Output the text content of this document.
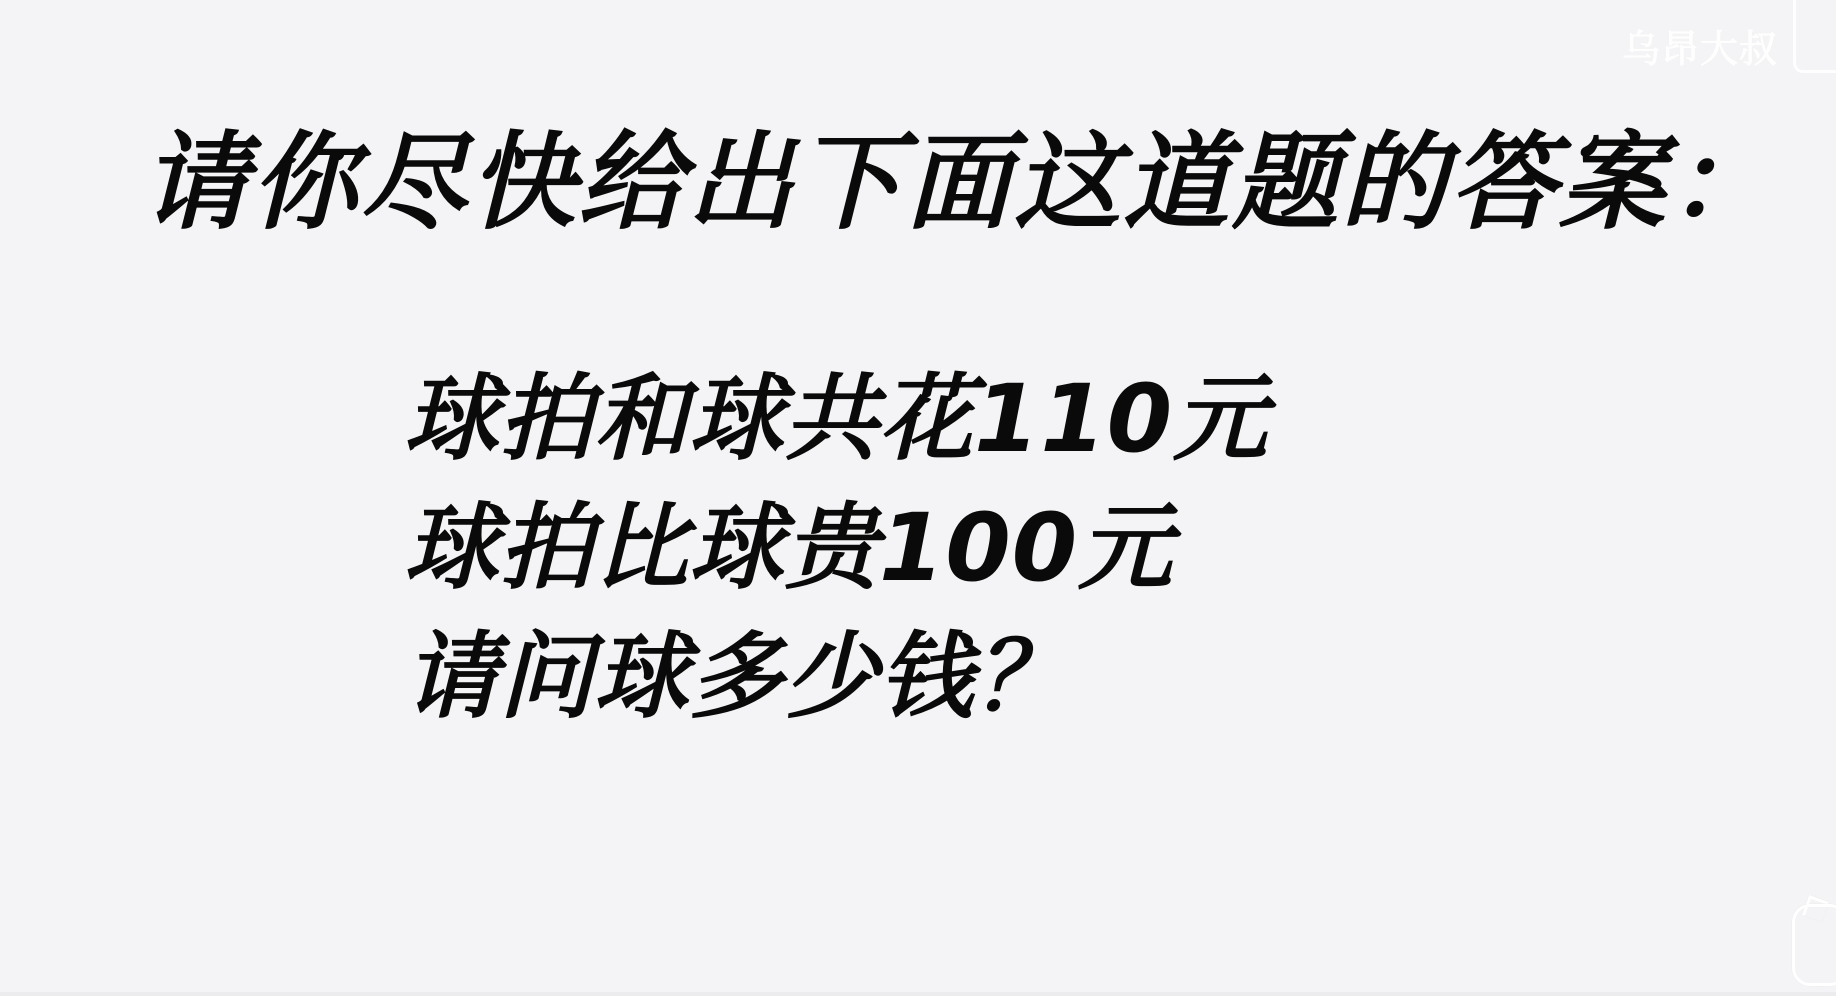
乌昂大叔
请你尽快给出下面这道题的答案：
球拍和球共花110元
球拍比球贵100元
请问球多少钱？
